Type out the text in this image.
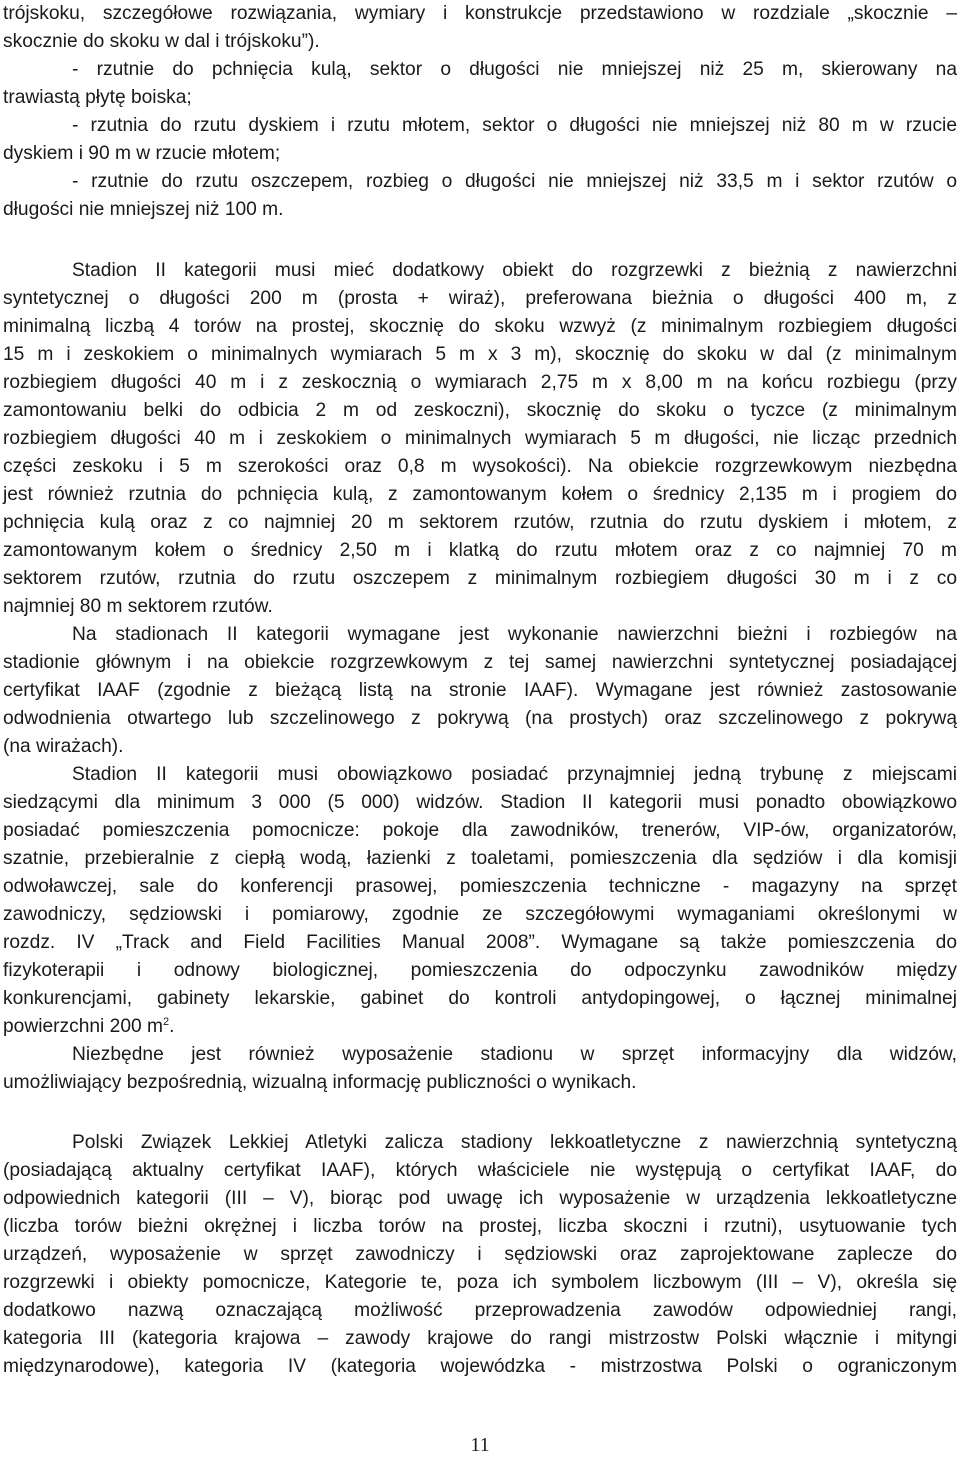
trójskoku, szczegółowe rozwiązania, wymiary i konstrukcje przedstawiono w rozdziale „skocznie –
skocznie do skoku w dal i trójskoku”).
- rzutnie do pchnięcia kulą, sektor o długości nie mniejszej niż 25 m, skierowany na
trawiastą płytę boiska;
- rzutnia do rzutu dyskiem i rzutu młotem, sektor o długości nie mniejszej niż 80 m w rzucie
dyskiem i 90 m w rzucie młotem;
- rzutnie do rzutu oszczepem, rozbieg o długości nie mniejszej niż 33,5 m i sektor rzutów o
długości nie mniejszej niż 100 m.
Stadion II kategorii musi mieć dodatkowy obiekt do rozgrzewki z bieżnią z nawierzchni
syntetycznej o długości 200 m (prosta + wiraż), preferowana bieżnia o długości 400 m, z
minimalną liczbą 4 torów na prostej, skocznię do skoku wzwyż (z minimalnym rozbiegiem długości
15 m i zeskokiem o minimalnych wymiarach 5 m x 3 m), skocznię do skoku w dal (z minimalnym
rozbiegiem długości 40 m i z zeskocznią o wymiarach 2,75 m x 8,00 m na końcu rozbiegu (przy
zamontowaniu belki do odbicia 2 m od zeskoczni), skocznię do skoku o tyczce (z minimalnym
rozbiegiem długości 40 m i zeskokiem o minimalnych wymiarach 5 m długości, nie licząc przednich
części zeskoku i 5 m szerokości oraz 0,8 m wysokości). Na obiekcie rozgrzewkowym niezbędna
jest również rzutnia do pchnięcia kulą, z zamontowanym kołem o średnicy 2,135 m i progiem do
pchnięcia kulą oraz z co najmniej 20 m sektorem rzutów, rzutnia do rzutu dyskiem i młotem, z
zamontowanym kołem o średnicy 2,50 m i klatką do rzutu młotem oraz z co najmniej 70 m
sektorem rzutów, rzutnia do rzutu oszczepem z minimalnym rozbiegiem długości 30 m i z co
najmniej 80 m sektorem rzutów.
Na stadionach II kategorii wymagane jest wykonanie nawierzchni bieżni i rozbiegów na
stadionie głównym i na obiekcie rozgrzewkowym z tej samej nawierzchni syntetycznej posiadającej
certyfikat IAAF (zgodnie z bieżącą listą na stronie IAAF). Wymagane jest również zastosowanie
odwodnienia otwartego lub szczelinowego z pokrywą (na prostych) oraz szczelinowego z pokrywą
(na wirażach).
Stadion II kategorii musi obowiązkowo posiadać przynajmniej jedną trybunę z miejscami
siedzącymi dla minimum 3 000 (5 000) widzów. Stadion II kategorii musi ponadto obowiązkowo
posiadać pomieszczenia pomocnicze: pokoje dla zawodników, trenerów, VIP-ów, organizatorów,
szatnie, przebieralnie z ciepłą wodą, łazienki z toaletami, pomieszczenia dla sędziów i dla komisji
odwoławczej, sale do konferencji prasowej, pomieszczenia techniczne - magazyny na sprzęt
zawodniczy, sędziowski i pomiarowy, zgodnie ze szczegółowymi wymaganiami określonymi w
rozdz. IV „Track and Field Facilities Manual 2008”. Wymagane są także pomieszczenia do
fizykoterapii i odnowy biologicznej, pomieszczenia do odpoczynku zawodników między
konkurencjami, gabinety lekarskie, gabinet do kontroli antydopingowej, o łącznej minimalnej
powierzchni 200 $m^2$.
Niezbędne jest również wyposażenie stadionu w sprzęt informacyjny dla widzów,
umożliwiający bezpośrednią, wizualną informację publiczności o wynikach.
Polski Związek Lekkiej Atletyki zalicza stadiony lekkoatletyczne z nawierzchnią syntetyczną
(posiadającą aktualny certyfikat IAAF), których właściciele nie występują o certyfikat IAAF, do
odpowiednich kategorii (III – V), biorąc pod uwagę ich wyposażenie w urządzenia lekkoatletyczne
(liczba torów bieżni okrężnej i liczba torów na prostej, liczba skoczni i rzutni), usytuowanie tych
urządzeń, wyposażenie w sprzęt zawodniczy i sędziowski oraz zaprojektowane zaplecze do
rozgrzewki i obiekty pomocnicze, Kategorie te, poza ich symbolem liczbowym (III – V), określa się
dodatkowo nazwą oznaczającą możliwość przeprowadzenia zawodów odpowiedniej rangi,
kategoria III (kategoria krajowa – zawody krajowe do rangi mistrzostw Polski włącznie i mityngi
międzynarodowe), kategoria IV (kategoria wojewódzka - mistrzostwa Polski o ograniczonym
11
